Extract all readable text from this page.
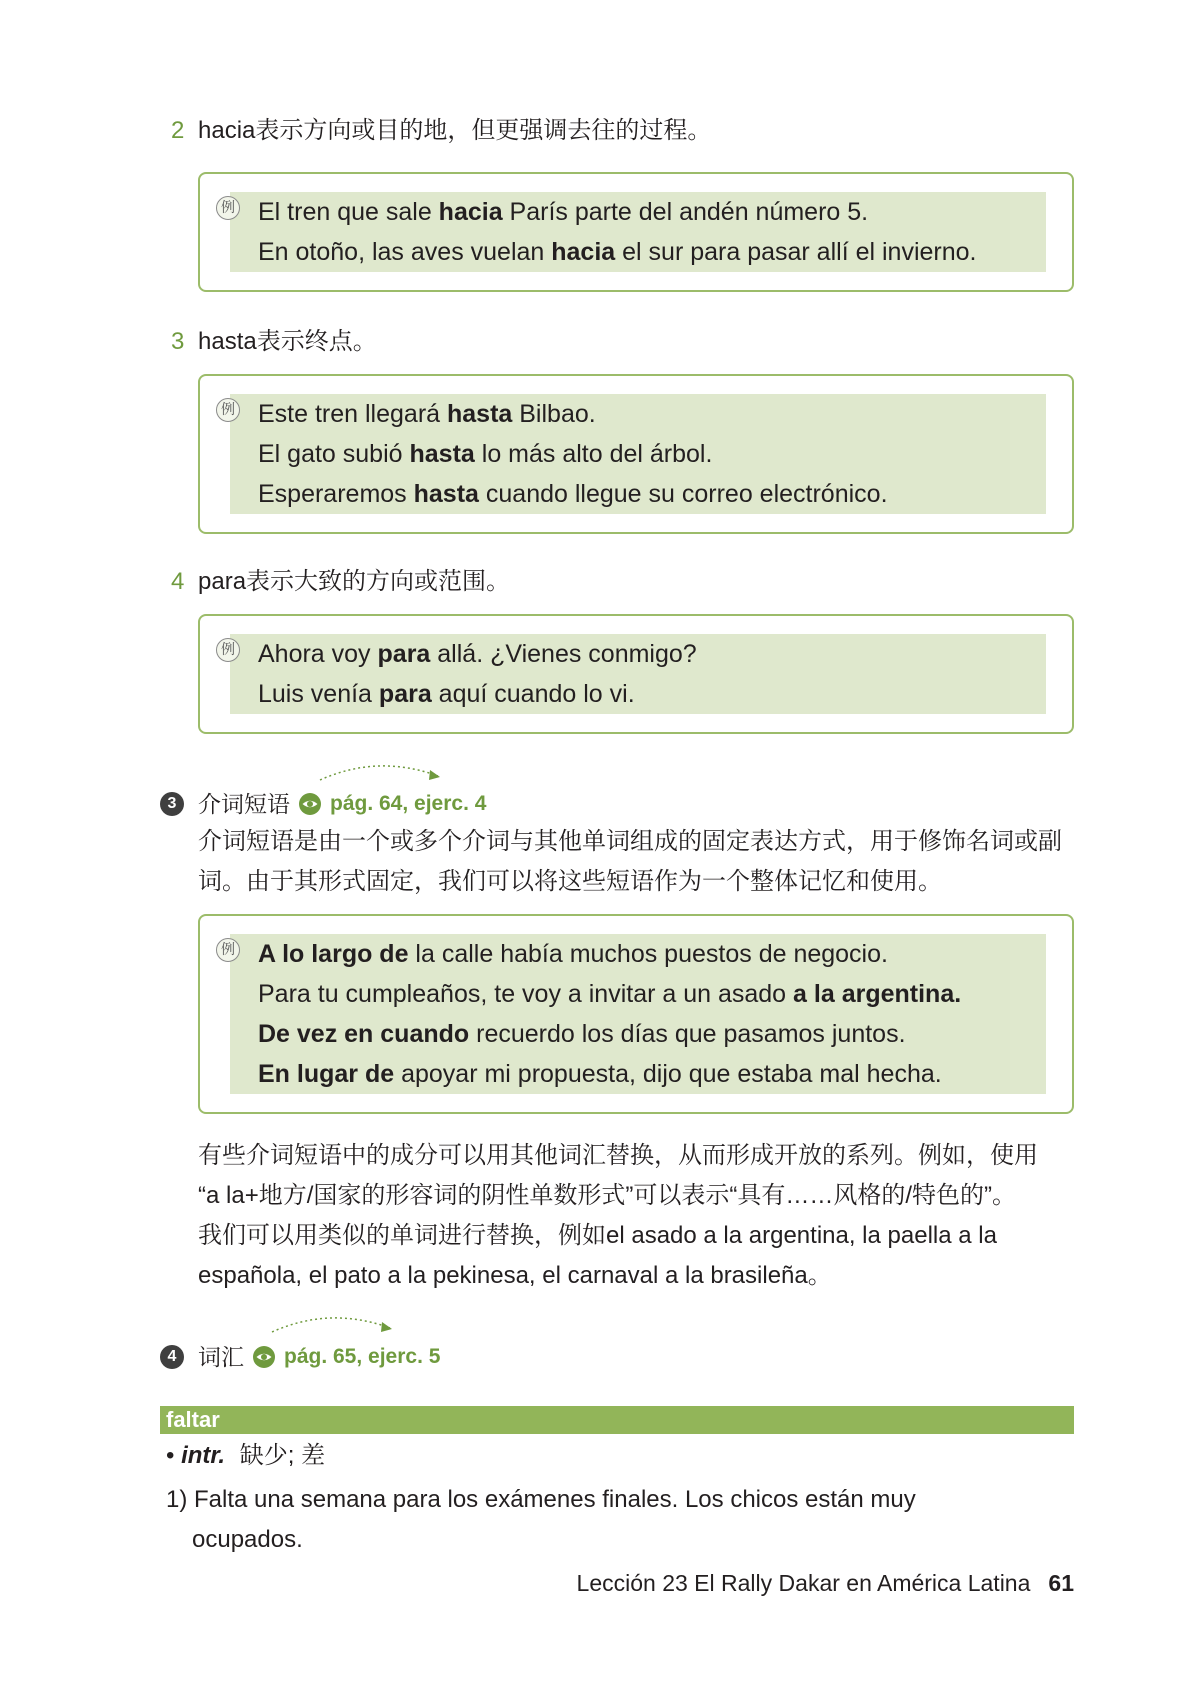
2 hacia表示方向或目的地，但更强调去往的过程。
例 El tren que sale hacia París parte del andén número 5.
En otoño, las aves vuelan hacia el sur para pasar allí el invierno.
3 hasta表示终点。
例 Este tren llegará hasta Bilbao.
El gato subió hasta lo más alto del árbol.
Esperaremos hasta cuando llegue su correo electrónico.
4 para表示大致的方向或范围。
例 Ahora voy para allá. ¿Vienes conmigo?
Luis venía para aquí cuando lo vi.
3 介词短语 pág. 64, ejerc. 4
介词短语是由一个或多个介词与其他单词组成的固定表达方式，用于修饰名词或副
词。由于其形式固定，我们可以将这些短语作为一个整体记忆和使用。
例 A lo largo de la calle había muchos puestos de negocio.
Para tu cumpleaños, te voy a invitar a un asado a la argentina.
De vez en cuando recuerdo los días que pasamos juntos.
En lugar de apoyar mi propuesta, dijo que estaba mal hecha.
有些介词短语中的成分可以用其他词汇替换，从而形成开放的系列。例如，使用
“a la+地方/国家的形容词的阴性单数形式”可以表示“具有……风格的/特色的”。
我们可以用类似的单词进行替换，例如el asado a la argentina, la paella a la
española, el pato a la pekinesa, el carnaval a la brasileña。
4 词汇 pág. 65, ejerc. 5
faltar
• intr. 缺少; 差
1) Falta una semana para los exámenes finales. Los chicos están muy
ocupados.
Lección 23 El Rally Dakar en América Latina 61
